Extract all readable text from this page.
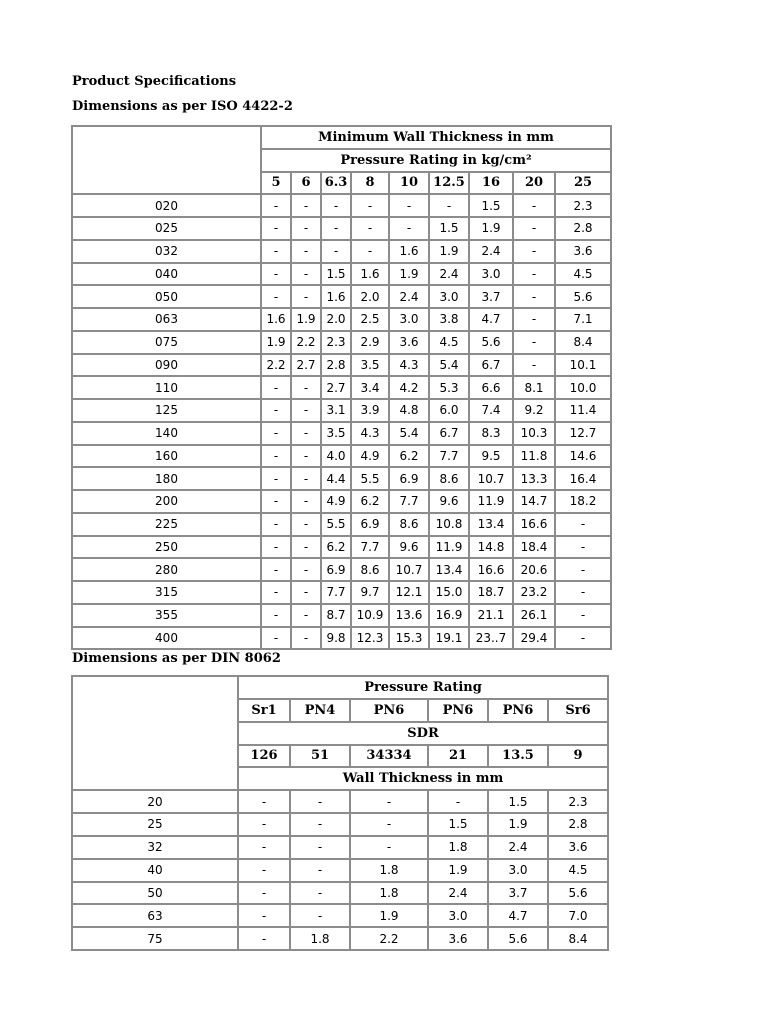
Product Specifications
Dimensions as per ISO 4422-2
	Minimum Wall Thickness in mm								
	Pressure Rating in kg/cm²								
	5	6	6.3	8	10	12.5	16	20	25
020	-	-	-	-	-	-	1.5	-	2.3
025	-	-	-	-	-	1.5	1.9	-	2.8
032	-	-	-	-	1.6	1.9	2.4	-	3.6
040	-	-	1.5	1.6	1.9	2.4	3.0	-	4.5
050	-	-	1.6	2.0	2.4	3.0	3.7	-	5.6
063	1.6	1.9	2.0	2.5	3.0	3.8	4.7	-	7.1
075	1.9	2.2	2.3	2.9	3.6	4.5	5.6	-	8.4
090	2.2	2.7	2.8	3.5	4.3	5.4	6.7	-	10.1
110	-	-	2.7	3.4	4.2	5.3	6.6	8.1	10.0
125	-	-	3.1	3.9	4.8	6.0	7.4	9.2	11.4
140	-	-	3.5	4.3	5.4	6.7	8.3	10.3	12.7
160	-	-	4.0	4.9	6.2	7.7	9.5	11.8	14.6
180	-	-	4.4	5.5	6.9	8.6	10.7	13.3	16.4
200	-	-	4.9	6.2	7.7	9.6	11.9	14.7	18.2
225	-	-	5.5	6.9	8.6	10.8	13.4	16.6	-
250	-	-	6.2	7.7	9.6	11.9	14.8	18.4	-
280	-	-	6.9	8.6	10.7	13.4	16.6	20.6	-
315	-	-	7.7	9.7	12.1	15.0	18.7	23.2	-
355	-	-	8.7	10.9	13.6	16.9	21.1	26.1	-
400	-	-	9.8	12.3	15.3	19.1	23..7	29.4	-
Dimensions as per DIN 8062
	Pressure Rating					
	Sr1	PN4	PN6	PN6	PN6	Sr6
	SDR					
	126	51	34334	21	13.5	9
	Wall Thickness in mm					
20	-	-	-	-	1.5	2.3
25	-	-	-	1.5	1.9	2.8
32	-	-	-	1.8	2.4	3.6
40	-	-	1.8	1.9	3.0	4.5
50	-	-	1.8	2.4	3.7	5.6
63	-	-	1.9	3.0	4.7	7.0
75	-	1.8	2.2	3.6	5.6	8.4
